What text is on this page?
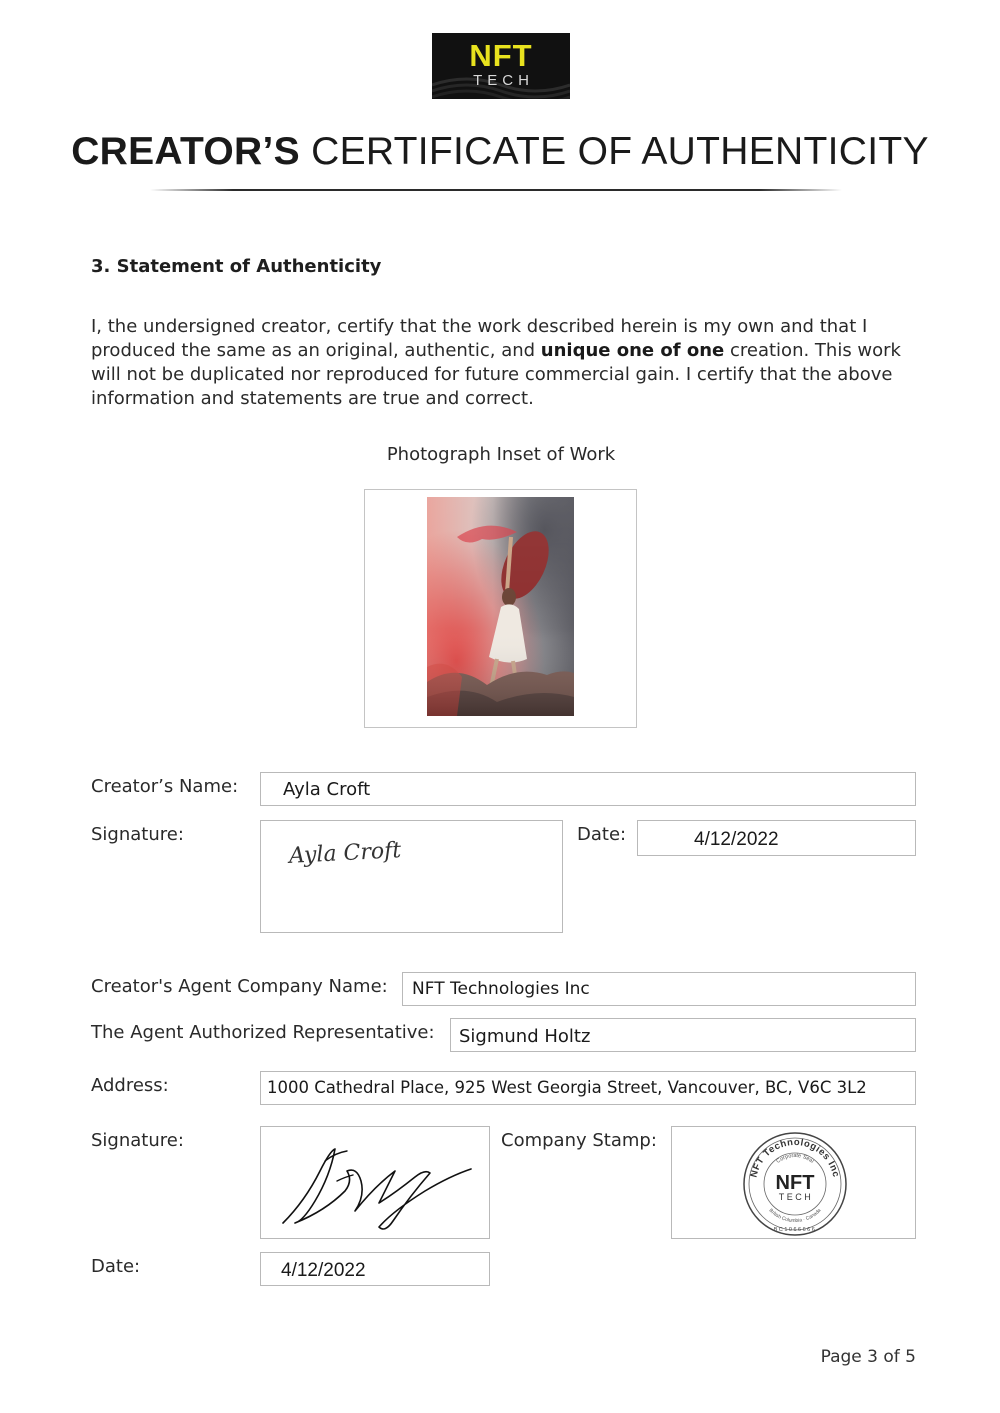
NFT
TECH
CREATOR’S CERTIFICATE OF AUTHENTICITY
3. Statement of Authenticity
I, the undersigned creator, certify that the work described herein is my own and that I produced the same as an original, authentic, and unique one of one creation. This work will not be duplicated nor reproduced for future commercial gain. I certify that the above information and statements are true and correct.
Photograph Inset of Work
Creator’s Name: Ayla Croft
Signature:
Ayla Croft
Date:	4/12/2022
Creator's Agent Company Name: NFT Technologies Inc
The Agent Authorized Representative: Sigmund Holtz
Address:	1000 Cathedral Place, 925 West Georgia Street, Vancouver, BC, V6C 3L2
Signature:	Company Stamp:
NFT Technologies Inc
Corporate Seal
British Columbia · Canada
BC1066666
NFT
TECH
Date:	4/12/2022
Page 3 of 5
